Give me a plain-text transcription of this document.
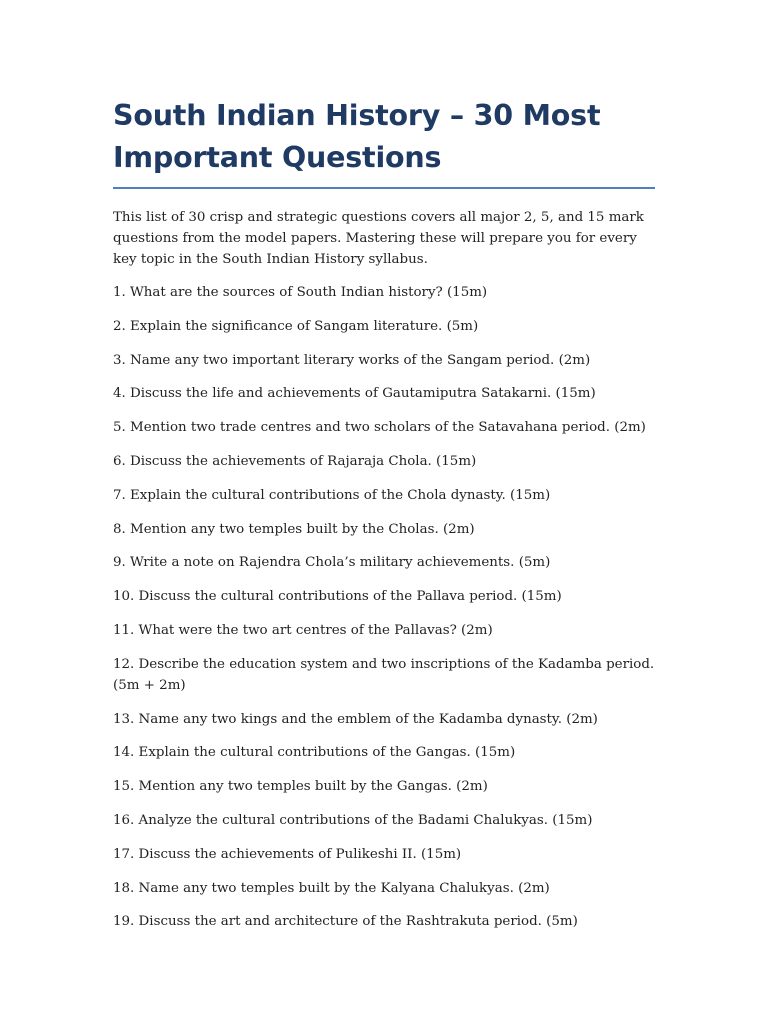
South Indian History – 30 Most Important Questions

This list of 30 crisp and strategic questions covers all major 2, 5, and 15 mark questions from the model papers. Mastering these will prepare you for every key topic in the South Indian History syllabus.

1. What are the sources of South Indian history? (15m)

2. Explain the significance of Sangam literature. (5m)

3. Name any two important literary works of the Sangam period. (2m)

4. Discuss the life and achievements of Gautamiputra Satakarni. (15m)

5. Mention two trade centres and two scholars of the Satavahana period. (2m)

6. Discuss the achievements of Rajaraja Chola. (15m)

7. Explain the cultural contributions of the Chola dynasty. (15m)

8. Mention any two temples built by the Cholas. (2m)

9. Write a note on Rajendra Chola’s military achievements. (5m)

10. Discuss the cultural contributions of the Pallava period. (15m)

11. What were the two art centres of the Pallavas? (2m)

12. Describe the education system and two inscriptions of the Kadamba period. (5m + 2m)

13. Name any two kings and the emblem of the Kadamba dynasty. (2m)

14. Explain the cultural contributions of the Gangas. (15m)

15. Mention any two temples built by the Gangas. (2m)

16. Analyze the cultural contributions of the Badami Chalukyas. (15m)

17. Discuss the achievements of Pulikeshi II. (15m)

18. Name any two temples built by the Kalyana Chalukyas. (2m)

19. Discuss the art and architecture of the Rashtrakuta period. (5m)
